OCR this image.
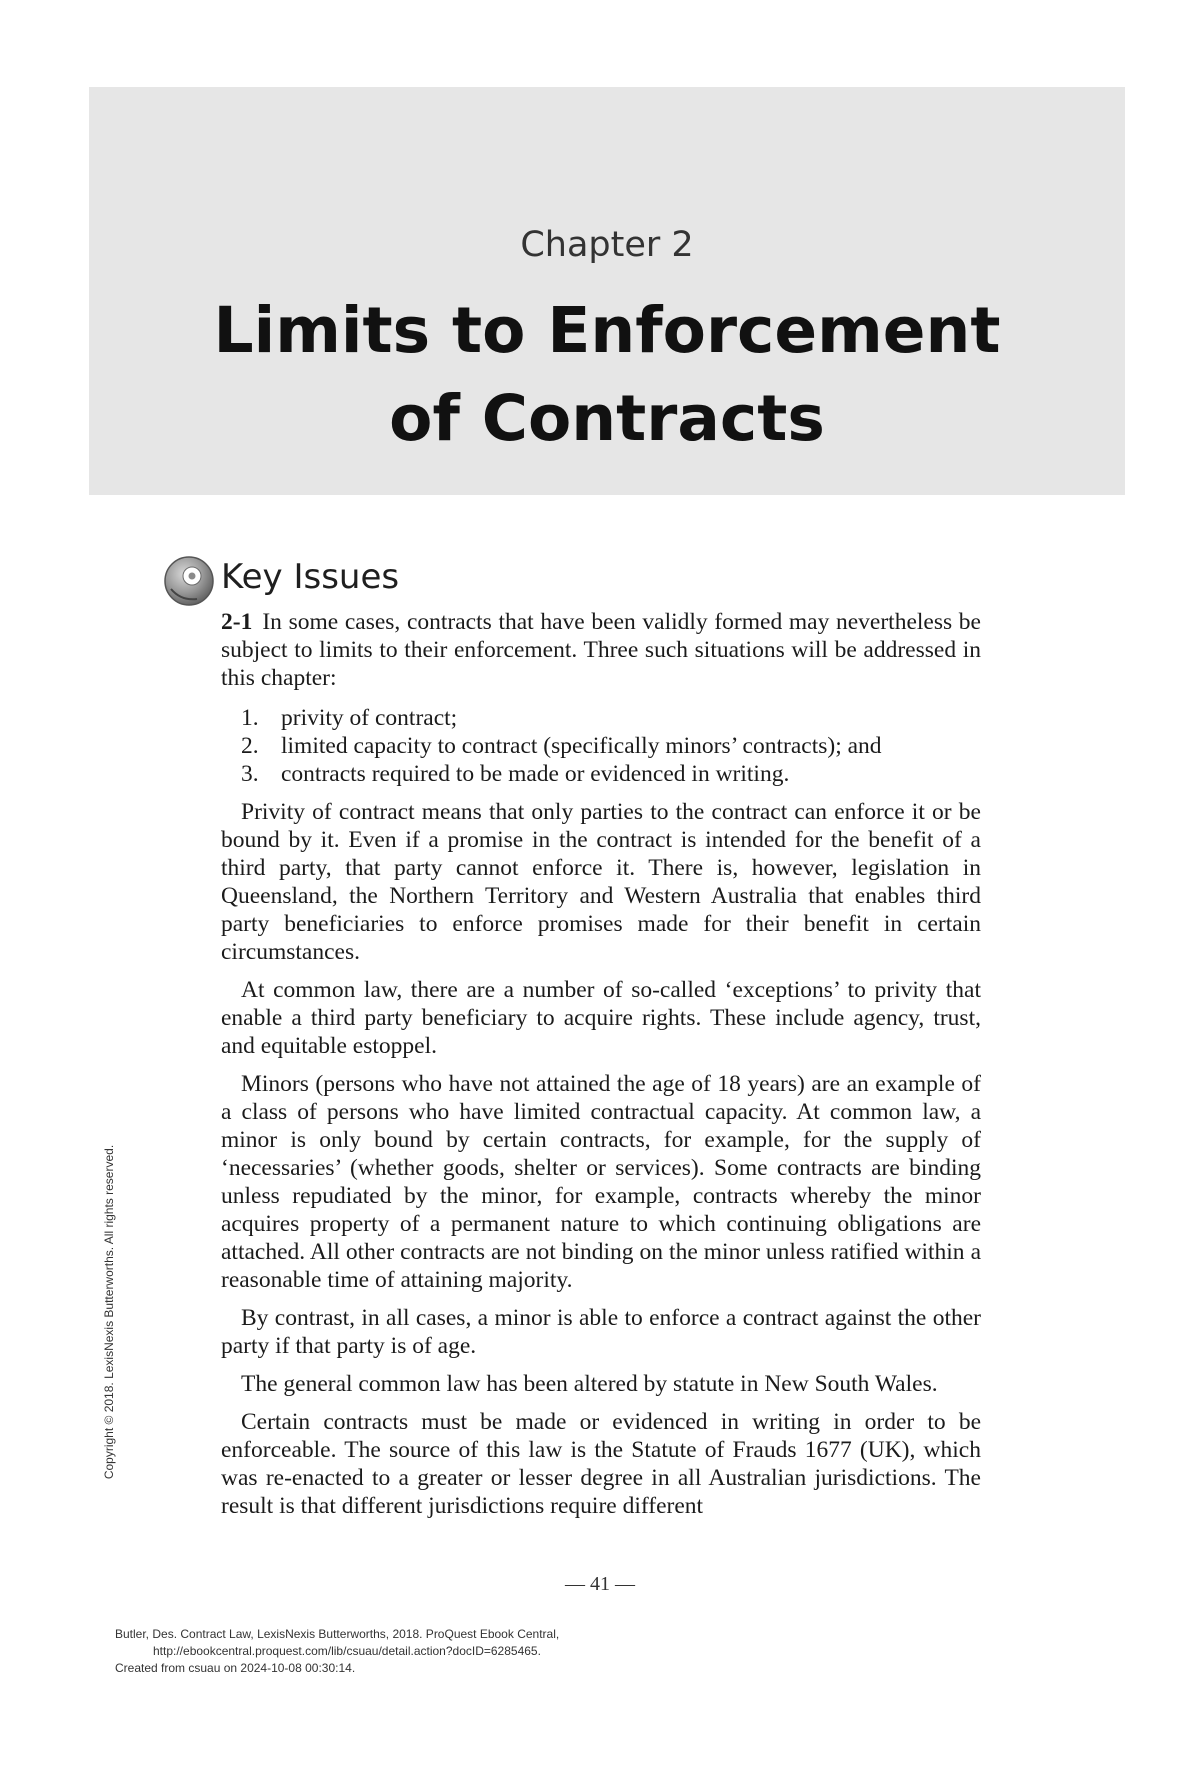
Chapter 2
Limits to Enforcement
of Contracts
Key Issues

2-1 In some cases, contracts that have been validly formed may nevertheless be subject to limits to their enforcement. Three such situations will be addressed in this chapter:

1. privity of contract;
2. limited capacity to contract (specifically minors’ contracts); and
3. contracts required to be made or evidenced in writing.

Privity of contract means that only parties to the contract can enforce it or be bound by it. Even if a promise in the contract is intended for the benefit of a third party, that party cannot enforce it. There is, however, legislation in Queensland, the Northern Territory and Western Australia that enables third party beneficiaries to enforce promises made for their benefit in certain circumstances.

At common law, there are a number of so-called ‘exceptions’ to privity that enable a third party beneficiary to acquire rights. These include agency, trust, and equitable estoppel.

Minors (persons who have not attained the age of 18 years) are an example of a class of persons who have limited contractual capacity. At common law, a minor is only bound by certain contracts, for example, for the supply of ‘necessaries’ (whether goods, shelter or services). Some contracts are binding unless repudiated by the minor, for example, contracts whereby the minor acquires property of a permanent nature to which continuing obligations are attached. All other contracts are not binding on the minor unless ratified within a reasonable time of attaining majority.

By contrast, in all cases, a minor is able to enforce a contract against the other party if that party is of age.

The general common law has been altered by statute in New South Wales.

Certain contracts must be made or evidenced in writing in order to be enforceable. The source of this law is the Statute of Frauds 1677 (UK), which was re-enacted to a greater or lesser degree in all Australian jurisdictions. The result is that different jurisdictions require different

— 41 —
Copyright © 2018. LexisNexis Butterworths. All rights reserved.
Butler, Des. Contract Law, LexisNexis Butterworths, 2018. ProQuest Ebook Central,
http://ebookcentral.proquest.com/lib/csuau/detail.action?docID=6285465.
Created from csuau on 2024-10-08 00:30:14.
